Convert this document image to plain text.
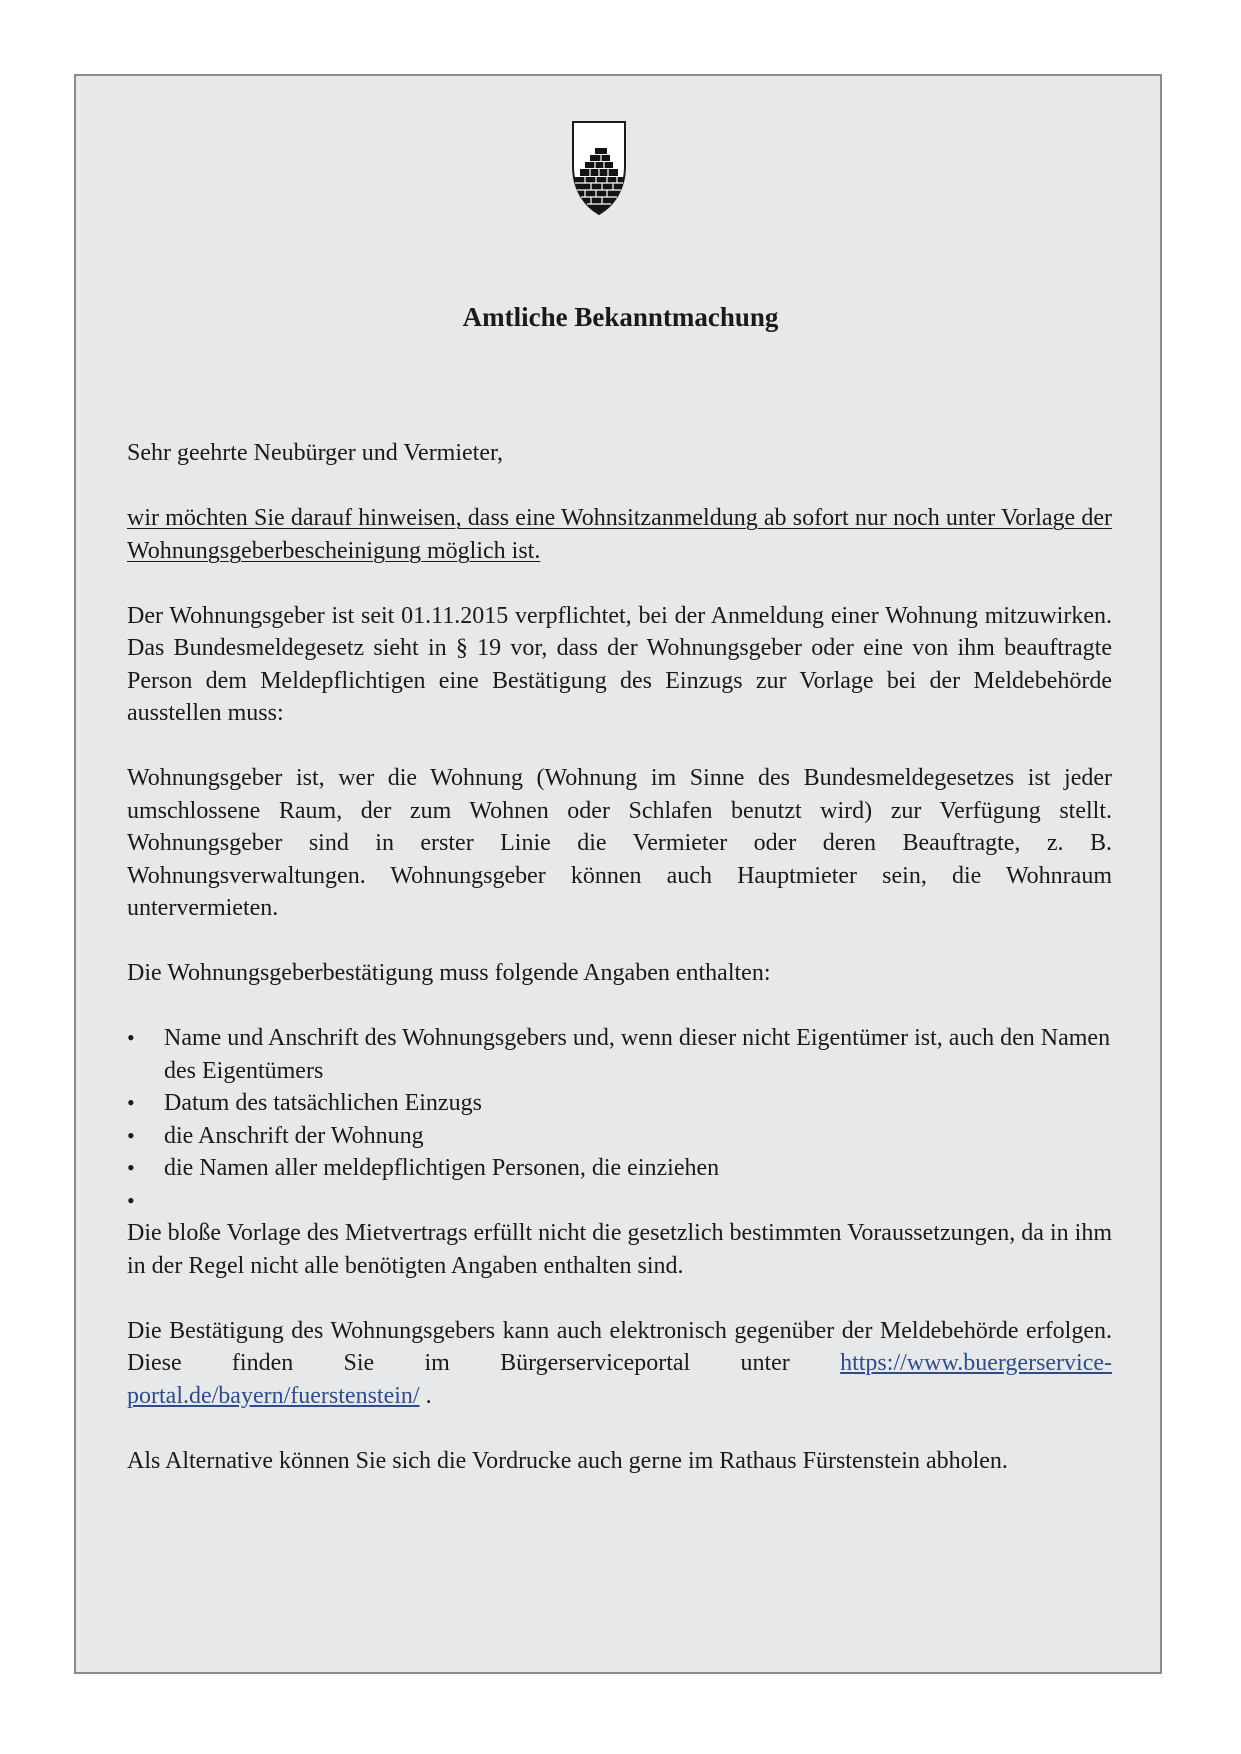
Amtliche Bekanntmachung

Sehr geehrte Neubürger und Vermieter,

wir möchten Sie darauf hinweisen, dass eine Wohnsitzanmeldung ab sofort nur noch unter Vorlage der Wohnungsgeberbescheinigung möglich ist.

Der Wohnungsgeber ist seit 01.11.2015 verpflichtet, bei der Anmeldung einer Wohnung mitzuwirken. Das Bundesmeldegesetz sieht in § 19 vor, dass der Wohnungsgeber oder eine von ihm beauftragte Person dem Meldepflichtigen eine Bestätigung des Einzugs zur Vorlage bei der Meldebehörde ausstellen muss:

Wohnungsgeber ist, wer die Wohnung (Wohnung im Sinne des Bundesmeldegesetzes ist jeder umschlossene Raum, der zum Wohnen oder Schlafen benutzt wird) zur Verfügung stellt. Wohnungsgeber sind in erster Linie die Vermieter oder deren Beauftragte, z. B. Wohnungsverwaltungen. Wohnungsgeber können auch Hauptmieter sein, die Wohnraum untervermieten.

Die Wohnungsgeberbestätigung muss folgende Angaben enthalten:

• Name und Anschrift des Wohnungsgebers und, wenn dieser nicht Eigentümer ist, auch den Namen des Eigentümers
• Datum des tatsächlichen Einzugs
• die Anschrift der Wohnung
• die Namen aller meldepflichtigen Personen, die einziehen
•

Die bloße Vorlage des Mietvertrags erfüllt nicht die gesetzlich bestimmten Voraussetzungen, da in ihm in der Regel nicht alle benötigten Angaben enthalten sind.

Die Bestätigung des Wohnungsgebers kann auch elektronisch gegenüber der Meldebehörde erfolgen. Diese finden Sie im Bürgerserviceportal unter https://www.buergerservice-portal.de/bayern/fuerstenstein/ .

Als Alternative können Sie sich die Vordrucke auch gerne im Rathaus Fürstenstein abholen.
